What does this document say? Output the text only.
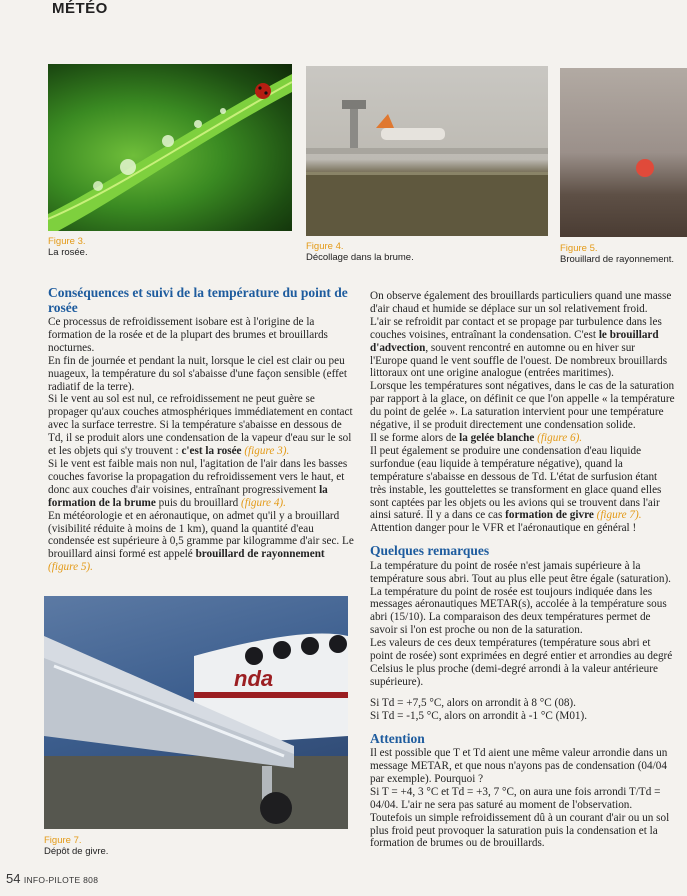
MÉTÉO
Figure 3.
La rosée.
Figure 4.
Décollage dans la brume.
Figure 5.
Brouillard de rayonnement.
Conséquences et suivi de la température du point de rosée

Ce processus de refroidissement isobare est à l'origine de la formation de la rosée et de la plupart des brumes et brouillards nocturnes.

En fin de journée et pendant la nuit, lorsque le ciel est clair ou peu nuageux, la température du sol s'abaisse d'une façon sensible (effet radiatif de la terre).

Si le vent au sol est nul, ce refroidissement ne peut guère se propager qu'aux couches atmosphériques immédiatement en contact avec la surface terrestre. Si la température s'abaisse en dessous de Td, il se produit alors une condensation de la vapeur d'eau sur le sol et les objets qui s'y trouvent : c'est la rosée (figure 3).

Si le vent est faible mais non nul, l'agitation de l'air dans les basses couches favorise la propagation du refroidissement vers le haut, et donc aux couches d'air voisines, entraînant progressivement la formation de la brume puis du brouillard (figure 4).

En météorologie et en aéronautique, on admet qu'il y a brouillard (visibilité réduite à moins de 1 km), quand la quantité d'eau condensée est supérieure à 0,5 gramme par kilogramme d'air sec. Le brouillard ainsi formé est appelé brouillard de rayonnement (figure 5).

nda
Figure 7.
Dépôt de givre.

On observe également des brouillards particuliers quand une masse d'air chaud et humide se déplace sur un sol relativement froid.

L'air se refroidit par contact et se propage par turbulence dans les couches voisines, entraînant la condensation. C'est le brouillard d'advection, souvent rencontré en automne ou en hiver sur l'Europe quand le vent souffle de l'ouest. De nombreux brouillards littoraux ont une origine analogue (entrées maritimes).

Lorsque les températures sont négatives, dans le cas de la saturation par rapport à la glace, on définit ce que l'on appelle « la température du point de gelée ». La saturation intervient pour une température négative, il se produit directement une condensation solide.

Il se forme alors de la gelée blanche (figure 6).

Il peut également se produire une condensation d'eau liquide surfondue (eau liquide à température négative), quand la température s'abaisse en dessous de Td. L'état de surfusion étant très instable, les gouttelettes se transforment en glace quand elles sont captées par les objets ou les avions qui se trouvent dans l'air ainsi saturé. Il y a dans ce cas formation de givre (figure 7).

Attention danger pour le VFR et l'aéronautique en général !

Quelques remarques

La température du point de rosée n'est jamais supérieure à la température sous abri. Tout au plus elle peut être égale (saturation).

La température du point de rosée est toujours indiquée dans les messages aéronautiques METAR(s), accolée à la température sous abri (15/10). La comparaison des deux températures permet de savoir si l'on est proche ou non de la saturation.

Les valeurs de ces deux températures (température sous abri et point de rosée) sont exprimées en degré entier et arrondies au degré Celsius le plus proche (demi-degré arrondi à la valeur antérieure supérieure).

Si Td = +7,5 °C, alors on arrondit à 8 °C (08).

Si Td = -1,5 °C, alors on arrondit à -1 °C (M01).

Attention

Il est possible que T et Td aient une même valeur arrondie dans un message METAR, et que nous n'ayons pas de condensation (04/04 par exemple). Pourquoi ?

Si T = +4, 3 °C et Td = +3, 7 °C, on aura une fois arrondi T/Td = 04/04. L'air ne sera pas saturé au moment de l'observation. Toutefois un simple refroidissement dû à un courant d'air ou un sol plus froid peut provoquer la saturation puis la condensation et la formation de brumes ou de brouillards.

54 INFO-PILOTE 808
